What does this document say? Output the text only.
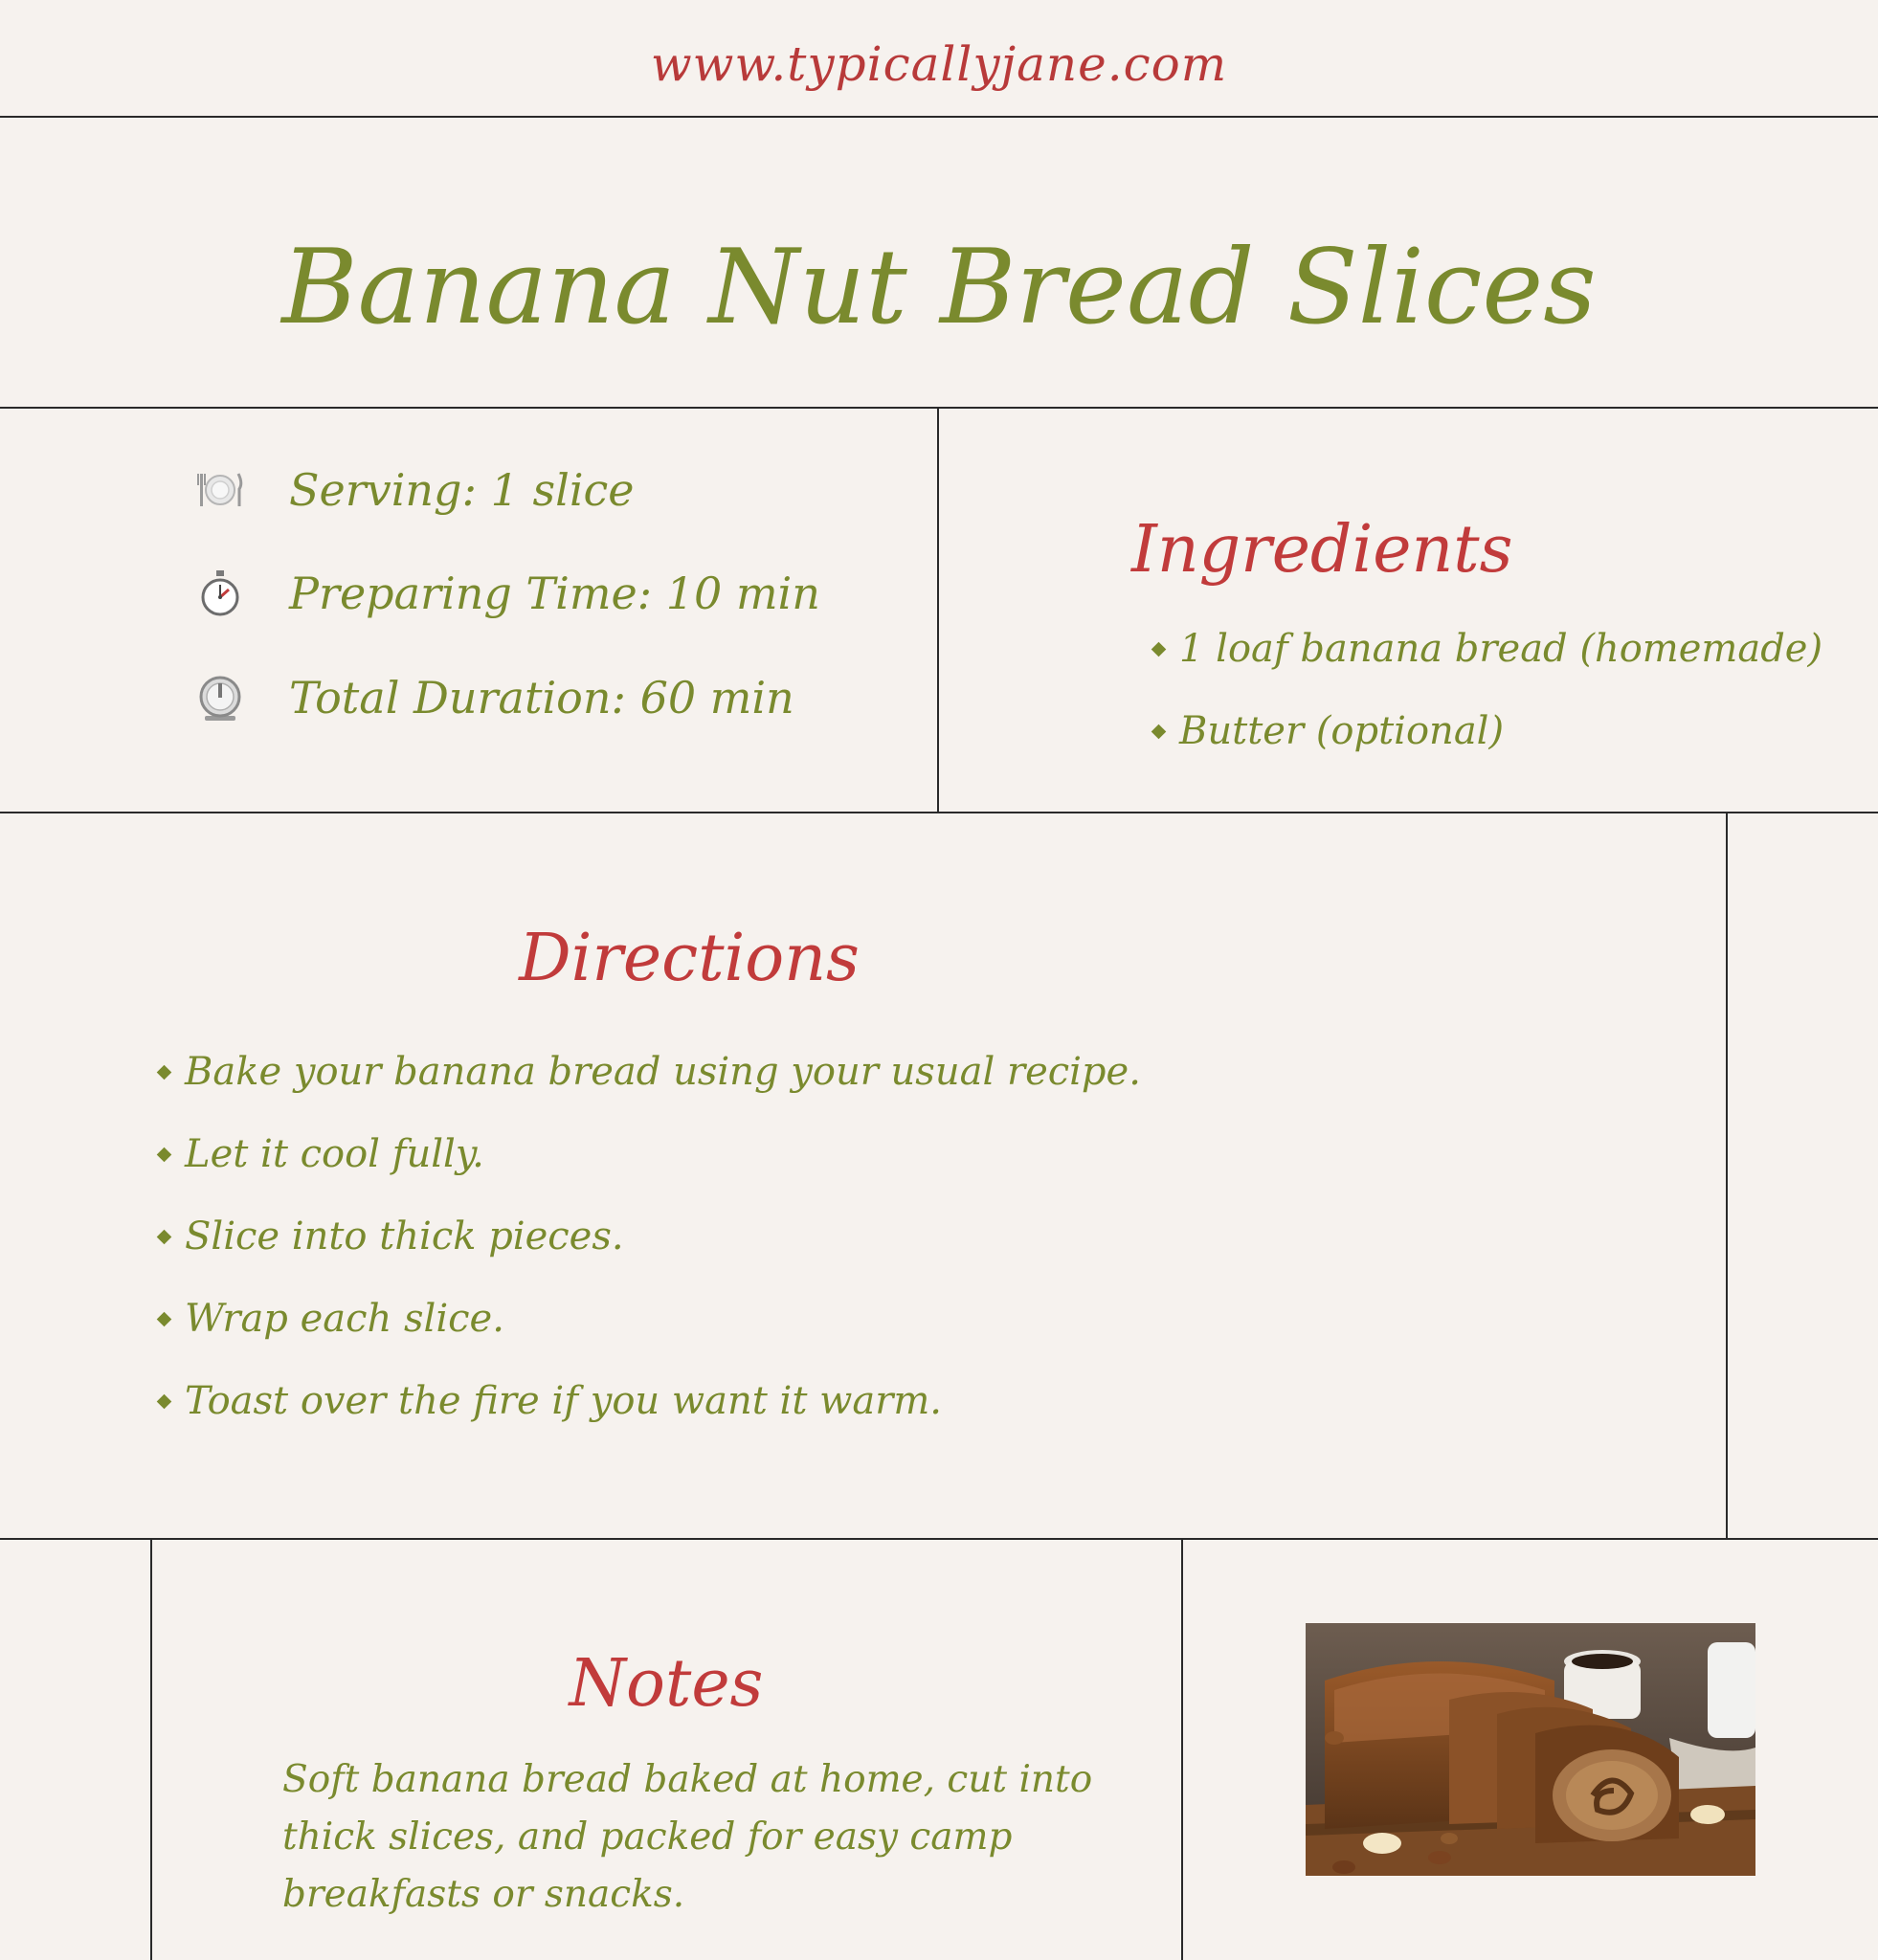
www.typicallyjane.com
Banana Nut Bread Slices
Serving: 1 slice
Preparing Time: 10 min
Total Duration: 60 min
Ingredients
1 loaf banana bread (homemade)
Butter (optional)
Directions
Bake your banana bread using your usual recipe.
Let it cool fully.
Slice into thick pieces.
Wrap each slice.
Toast over the fire if you want it warm.
Notes
Soft banana bread baked at home, cut into thick slices, and packed for easy camp breakfasts or snacks.
